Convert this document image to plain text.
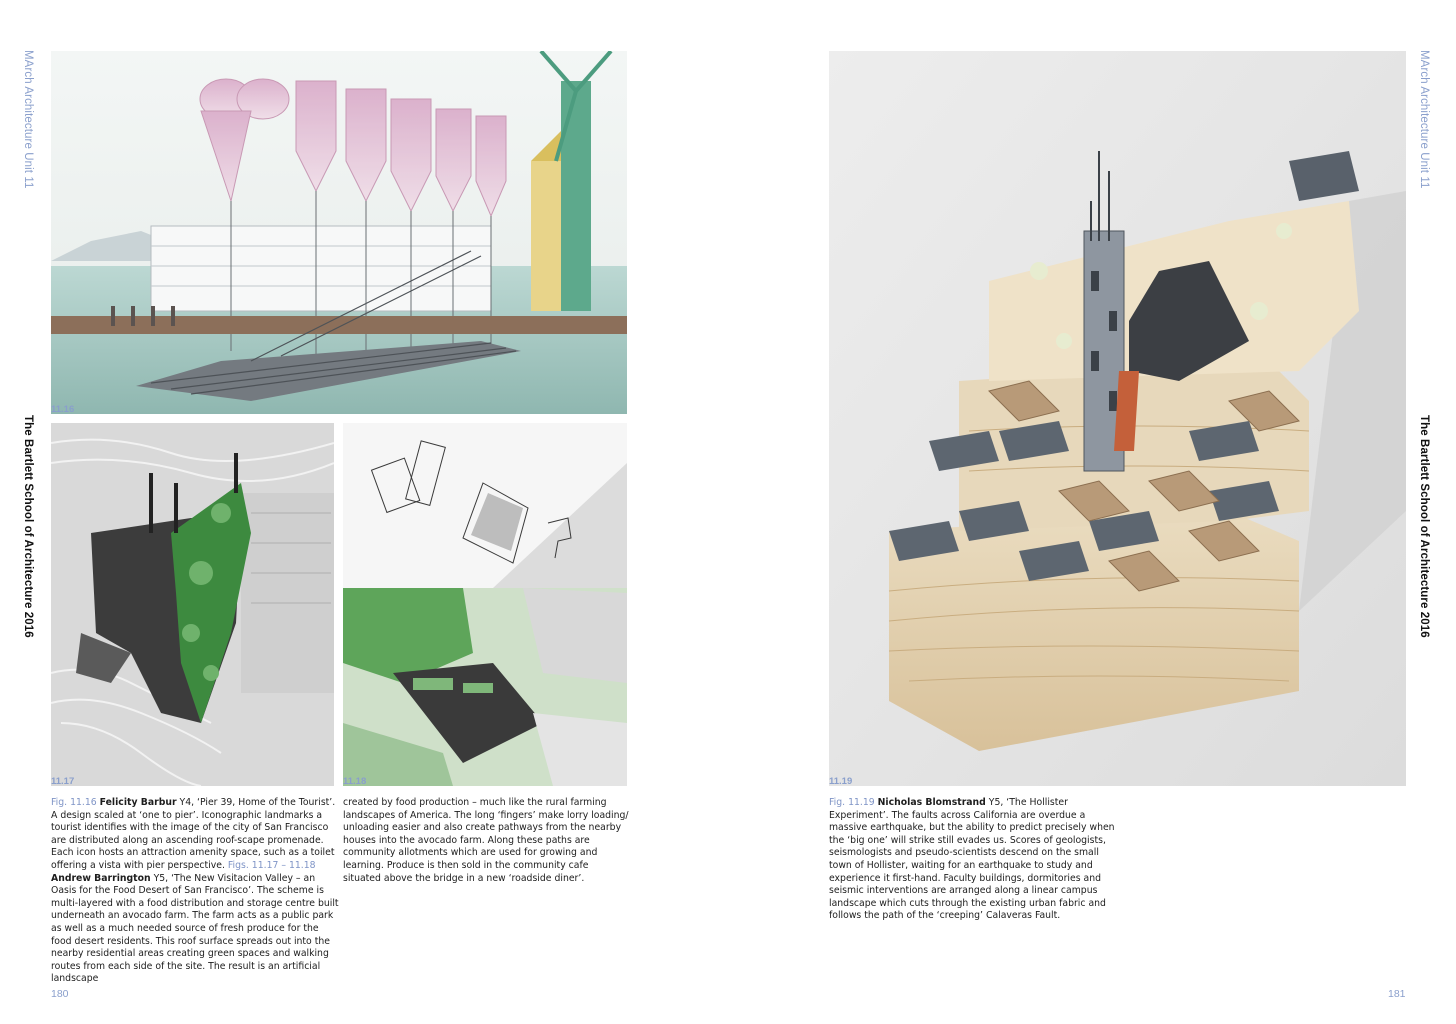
MArch Architecture Unit 11
The Bartlett School of Architecture 2016
11.16
11.17	11.18
Fig. 11.16 Felicity Barbur Y4, ‘Pier 39, Home of the Tourist’. A design scaled at ‘one to pier’. Iconographic landmarks a tourist identifies with the image of the city of San Francisco are distributed along an ascending roof-scape promenade. Each icon hosts an attraction amenity space, such as a toilet offering a vista with pier perspective. Figs. 11.17 – 11.18 Andrew Barrington Y5, ‘The New Visitacion Valley – an Oasis for the Food Desert of San Francisco’. The scheme is multi-layered with a food distribution and storage centre built underneath an avocado farm. The farm acts as a public park as well as a much needed source of fresh produce for the food desert residents. This roof surface spreads out into the nearby residential areas creating green spaces and walking routes from each side of the site. The result is an artificial landscape
created by food production – much like the rural farming landscapes of America. The long ‘fingers’ make lorry loading/ unloading easier and also create pathways from the nearby houses into the avocado farm. Along these paths are community allotments which are used for growing and learning. Produce is then sold in the community cafe situated above the bridge in a new ‘roadside diner’.
180
11.19
Fig. 11.19 Nicholas Blomstrand Y5, ‘The Hollister Experiment’. The faults across California are overdue a massive earthquake, but the ability to predict precisely when the ‘big one’ will strike still evades us. Scores of geologists, seismologists and pseudo-scientists descend on the small town of Hollister, waiting for an earthquake to study and experience it first-hand. Faculty buildings, dormitories and seismic interventions are arranged along a linear campus landscape which cuts through the existing urban fabric and follows the path of the ‘creeping’ Calaveras Fault.
MArch Architecture Unit 11
The Bartlett School of Architecture 2016
181
